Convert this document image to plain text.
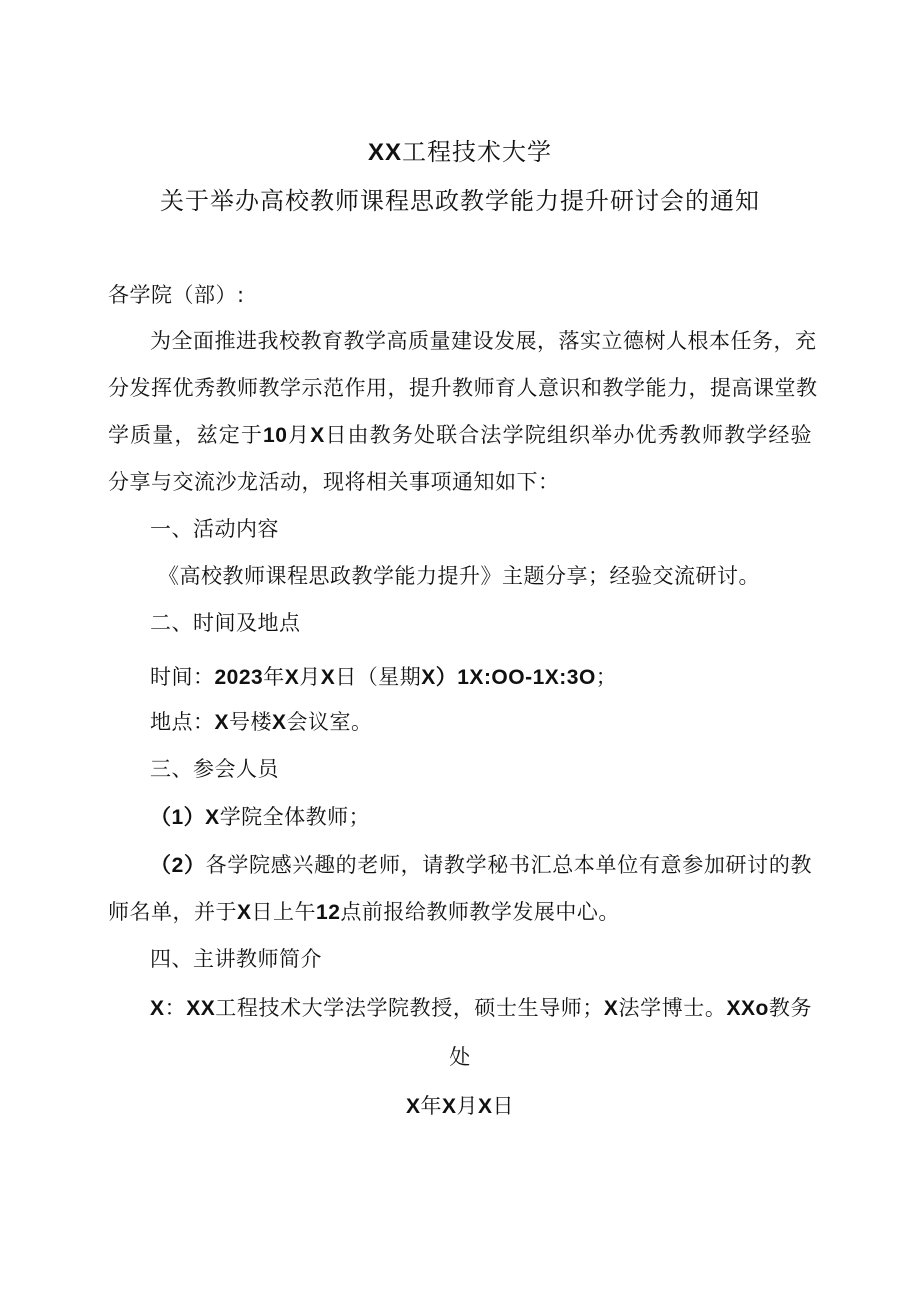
XX工程技术大学
关于举办高校教师课程思政教学能力提升研讨会的通知
各学院（部）:
为全面推进我校教育教学高质量建设发展，落实立德树人根本任务，充
分发挥优秀教师教学示范作用，提升教师育人意识和教学能力，提高课堂教
学质量，兹定于10月X日由教务处联合法学院组织举办优秀教师教学经验
分享与交流沙龙活动，现将相关事项通知如下：
一、活动内容
《高校教师课程思政教学能力提升》主题分享；经验交流研讨。
二、时间及地点
时间：2023年X月X日（星期X）1X:OO-1X:3O；
地点：X号楼X会议室。
三、参会人员
（1）X学院全体教师；
（2）各学院感兴趣的老师，请教学秘书汇总本单位有意参加研讨的教
师名单，并于X日上午12点前报给教师教学发展中心。
四、主讲教师简介
X：XX工程技术大学法学院教授，硕士生导师；X法学博士。XXo教务
处
X年X月X日
